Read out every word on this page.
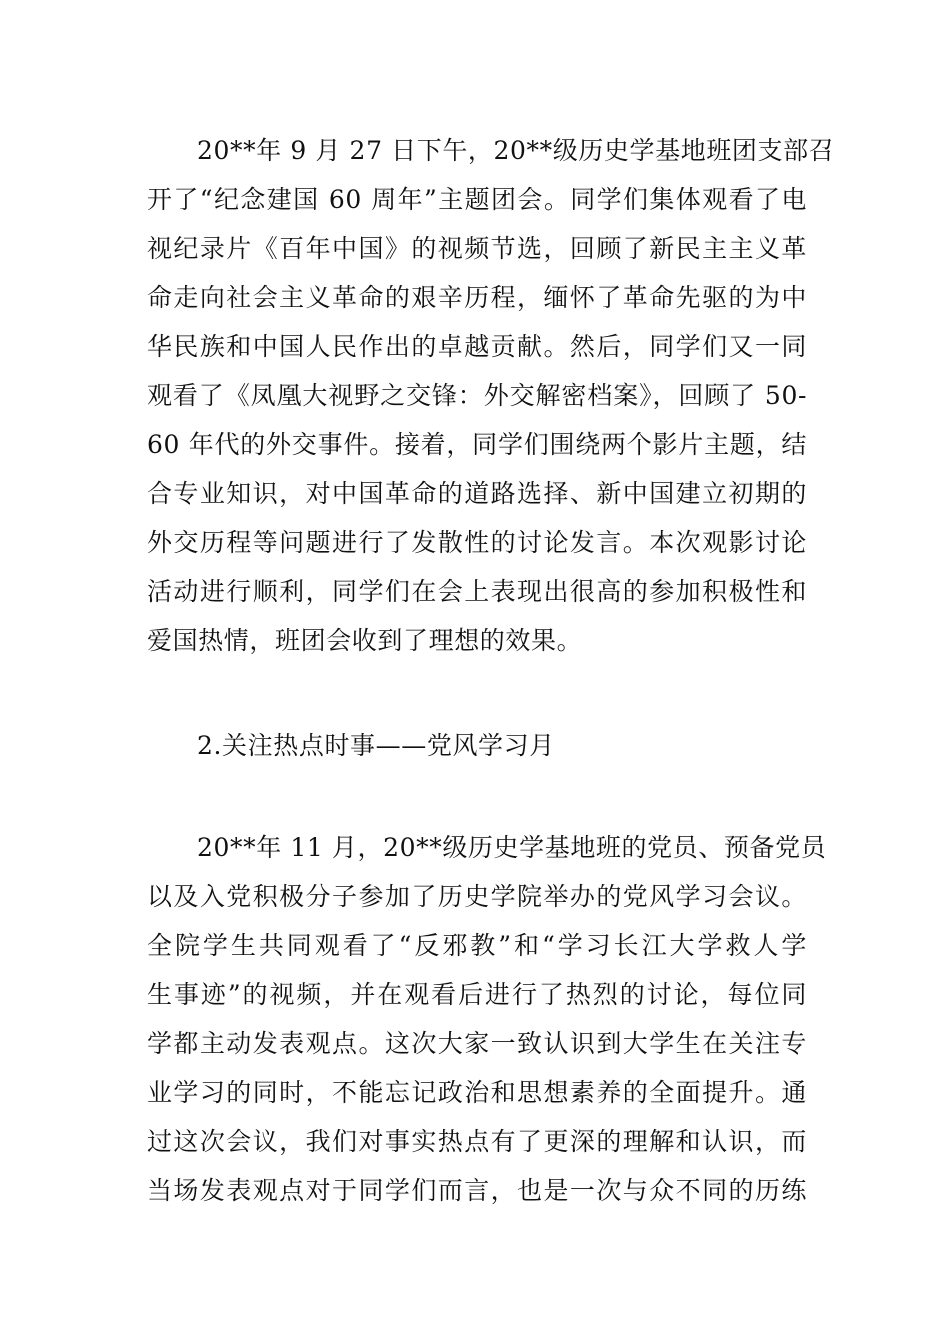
20**年 9 月 27 日下午，20**级历史学基地班团支部召
开了“纪念建国 60 周年”主题团会。同学们集体观看了电
视纪录片《百年中国》的视频节选，回顾了新民主主义革
命走向社会主义革命的艰辛历程，缅怀了革命先驱的为中
华民族和中国人民作出的卓越贡献。然后，同学们又一同
观看了《凤凰大视野之交锋：外交解密档案》，回顾了 50-
60 年代的外交事件。接着，同学们围绕两个影片主题，结
合专业知识，对中国革命的道路选择、新中国建立初期的
外交历程等问题进行了发散性的讨论发言。本次观影讨论
活动进行顺利，同学们在会上表现出很高的参加积极性和
爱国热情，班团会收到了理想的效果。
2.关注热点时事——党风学习月
20**年 11 月，20**级历史学基地班的党员、预备党员
以及入党积极分子参加了历史学院举办的党风学习会议。
全院学生共同观看了“反邪教”和“学习长江大学救人学
生事迹”的视频，并在观看后进行了热烈的讨论，每位同
学都主动发表观点。这次大家一致认识到大学生在关注专
业学习的同时，不能忘记政治和思想素养的全面提升。通
过这次会议，我们对事实热点有了更深的理解和认识，而
当场发表观点对于同学们而言，也是一次与众不同的历练
